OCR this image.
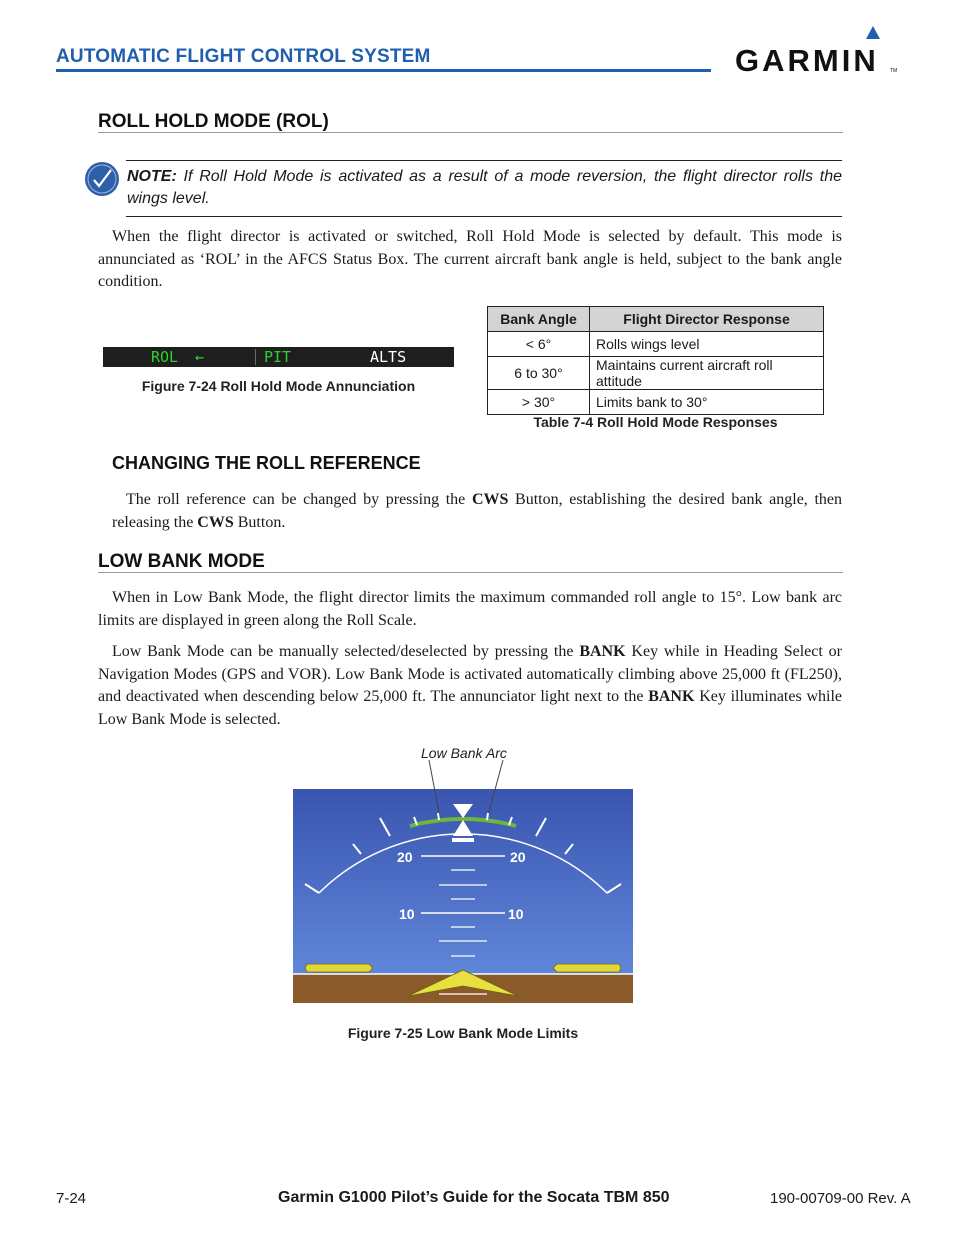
AUTOMATIC FLIGHT CONTROL SYSTEM	GARMIN TM
ROLL HOLD MODE (ROL)
NOTE: If Roll Hold Mode is activated as a result of a mode reversion, the flight director rolls the wings level.

When the flight director is activated or switched, Roll Hold Mode is selected by default. This mode is annunciated as ‘ROL’ in the AFCS Status Box. The current aircraft bank angle is held, subject to the bank angle condition.

ROL ←	PIT	ALTS
Figure 7-24 Roll Hold Mode Annunciation
Bank Angle	Flight Director Response
< 6°	Rolls wings level
6 to 30°	Maintains current aircraft roll attitude
> 30°	Limits bank to 30°
Table 7-4 Roll Hold Mode Responses
CHANGING THE ROLL REFERENCE

The roll reference can be changed by pressing the CWS Button, establishing the desired bank angle, then releasing the CWS Button.

LOW BANK MODE

When in Low Bank Mode, the flight director limits the maximum commanded roll angle to 15°. Low bank arc limits are displayed in green along the Roll Scale.

Low Bank Mode can be manually selected/deselected by pressing the BANK Key while in Heading Select or Navigation Modes (GPS and VOR). Low Bank Mode is activated automatically climbing above 25,000 ft (FL250), and deactivated when descending below 25,000 ft. The annunciator light next to the BANK Key illuminates while Low Bank Mode is selected.

Low Bank Arc
20	20
10	10
Figure 7-25 Low Bank Mode Limits
7-24	Garmin G1000 Pilot’s Guide for the Socata TBM 850	190-00709-00 Rev. A
